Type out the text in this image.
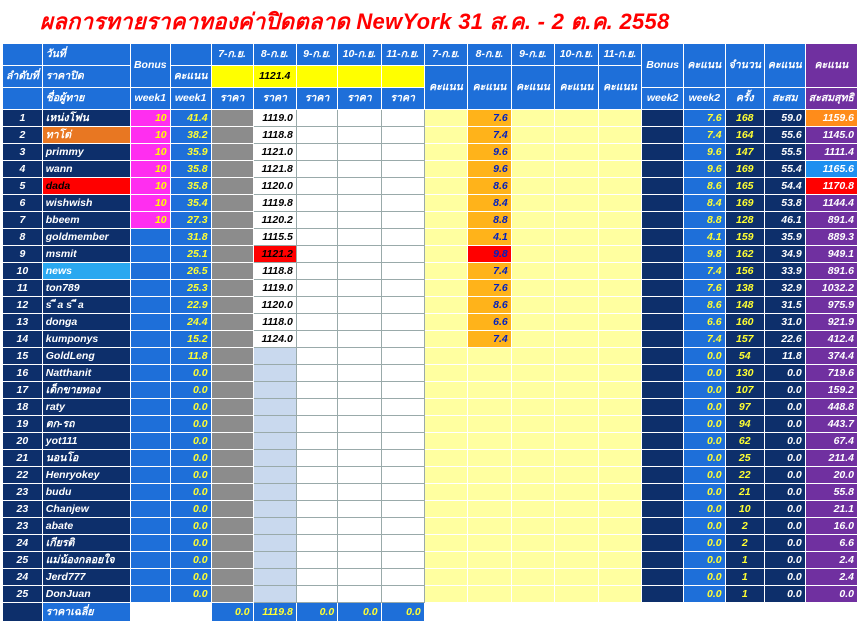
ผลการทายราคาทองค่าปิดตลาด NewYork 31 ส.ค. - 2 ต.ค. 2558
	วันที่	Bonus		7-ก.ย.	8-ก.ย.	9-ก.ย.	10-ก.ย.	11-ก.ย.	7-ก.ย.	8-ก.ย.	9-ก.ย.	10-ก.ย.	11-ก.ย.	Bonus	คะแนน	จำนวน	คะแนน	คะแนน
ลำดับที่	ราคาปิด		คะแนน		1121.4				คะแนน	คะแนน	คะแนน	คะแนน	คะแนน					
	ชื่อผู้ทาย	week1	week1	ราคา	ราคา	ราคา	ราคา	ราคา						week2	week2	ครั้ง	สะสม	สะสมสุทธิ
1	เหน่งโฟน	10	41.4		1119.0					7.6					7.6	168	59.0	1159.6
2	ทาโต่	10	38.2		1118.8					7.4					7.4	164	55.6	1145.0
3	primmy	10	35.9		1121.0					9.6					9.6	147	55.5	1111.4
4	wann	10	35.8		1121.8					9.6					9.6	169	55.4	1165.6
5	dada	10	35.8		1120.0					8.6					8.6	165	54.4	1170.8
6	wishwish	10	35.4		1119.8					8.4					8.4	169	53.8	1144.4
7	bbeem	10	27.3		1120.2					8.8					8.8	128	46.1	891.4
8	goldmember		31.8		1115.5					4.1					4.1	159	35.9	889.3
9	msmit		25.1		1121.2					9.8					9.8	162	34.9	949.1
10	news		26.5		1118.8					7.4					7.4	156	33.9	891.6
11	ton789		25.3		1119.0					7.6					7.6	138	32.9	1032.2
12	s ี a s ี a		22.9		1120.0					8.6					8.6	148	31.5	975.9
13	donga		24.4		1118.0					6.6					6.6	160	31.0	921.9
14	kumponys		15.2		1124.0					7.4					7.4	157	22.6	412.4
15	GoldLeng		11.8												0.0	54	11.8	374.4
16	Natthanit		0.0												0.0	130	0.0	719.6
17	เด็กขายทอง		0.0												0.0	107	0.0	159.2
18	raty		0.0												0.0	97	0.0	448.8
19	ตก-รถ		0.0												0.0	94	0.0	443.7
20	yot111		0.0												0.0	62	0.0	67.4
21	นอนโอ		0.0												0.0	25	0.0	211.4
22	Henryokey		0.0												0.0	22	0.0	20.0
23	budu		0.0												0.0	21	0.0	55.8
23	Chanjew		0.0												0.0	10	0.0	21.1
23	abate		0.0												0.0	2	0.0	16.0
24	เกียรติ		0.0												0.0	2	0.0	6.6
25	แม่น้องกลอยใจ		0.0												0.0	1	0.0	2.4
24	Jerd777		0.0												0.0	1	0.0	2.4
25	DonJuan		0.0												0.0	1	0.0	0.0
	ราคาเฉลี่ย			0.0	1119.8	0.0	0.0	0.0										
